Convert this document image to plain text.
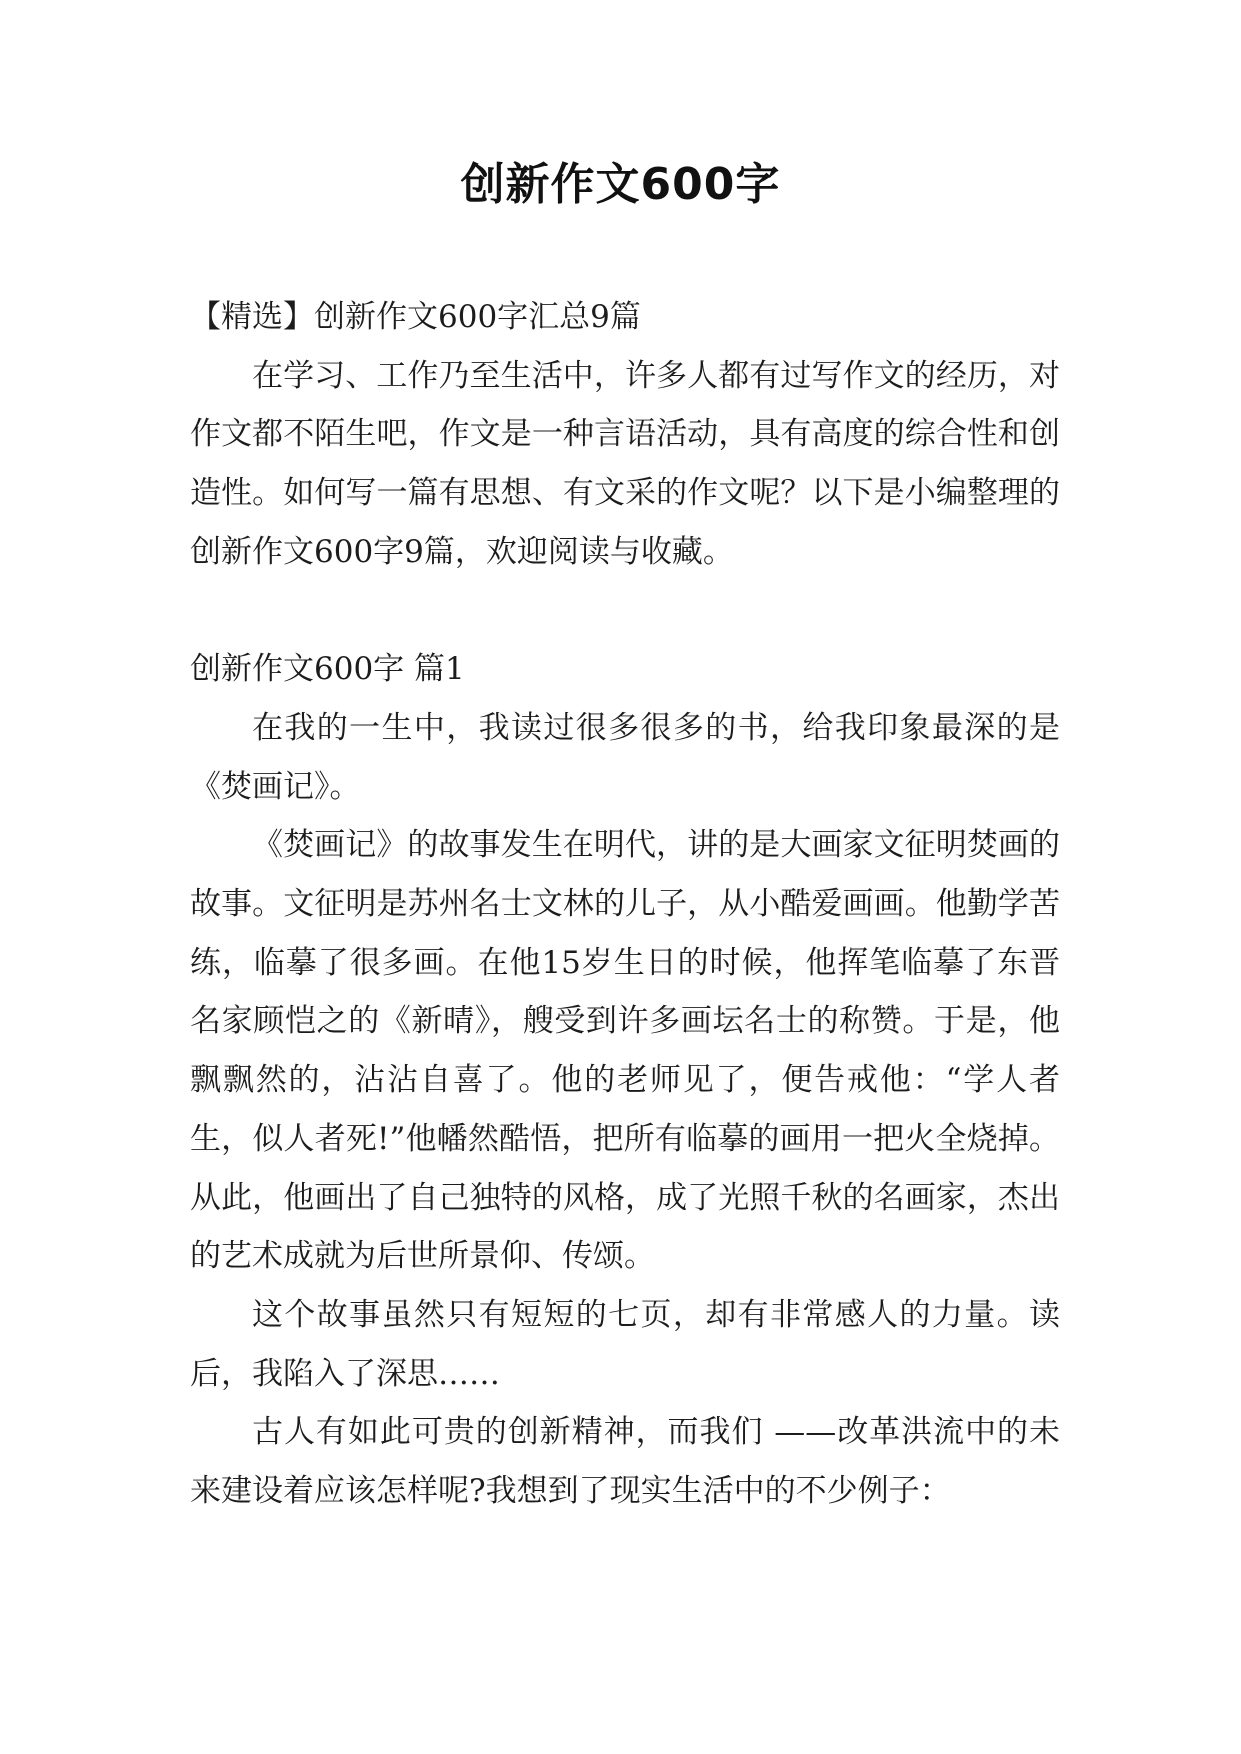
创新作文600字

【精选】创新作文600字汇总9篇

在学习、工作乃至生活中，许多人都有过写作文的经历，对作文都不陌生吧，作文是一种言语活动，具有高度的综合性和创造性。如何写一篇有思想、有文采的作文呢？以下是小编整理的创新作文600字9篇，欢迎阅读与收藏。

创新作文600字 篇1

在我的一生中，我读过很多很多的书，给我印象最深的是《焚画记》。

《焚画记》的故事发生在明代，讲的是大画家文征明焚画的故事。文征明是苏州名士文林的儿子，从小酷爱画画。他勤学苦练，临摹了很多画。在他15岁生日的时候，他挥笔临摹了东晋名家顾恺之的《新晴》，艘受到许多画坛名士的称赞。于是，他飘飘然的，沾沾自喜了。他的老师见了，便告戒他：“学人者生，似人者死!”他幡然酷悟，把所有临摹的画用一把火全烧掉。从此，他画出了自己独特的风格，成了光照千秋的名画家，杰出的艺术成就为后世所景仰、传颂。

这个故事虽然只有短短的七页，却有非常感人的力量。读后，我陷入了深思……

古人有如此可贵的创新精神，而我们 ——改革洪流中的未来建设着应该怎样呢?我想到了现实生活中的不少例子：
